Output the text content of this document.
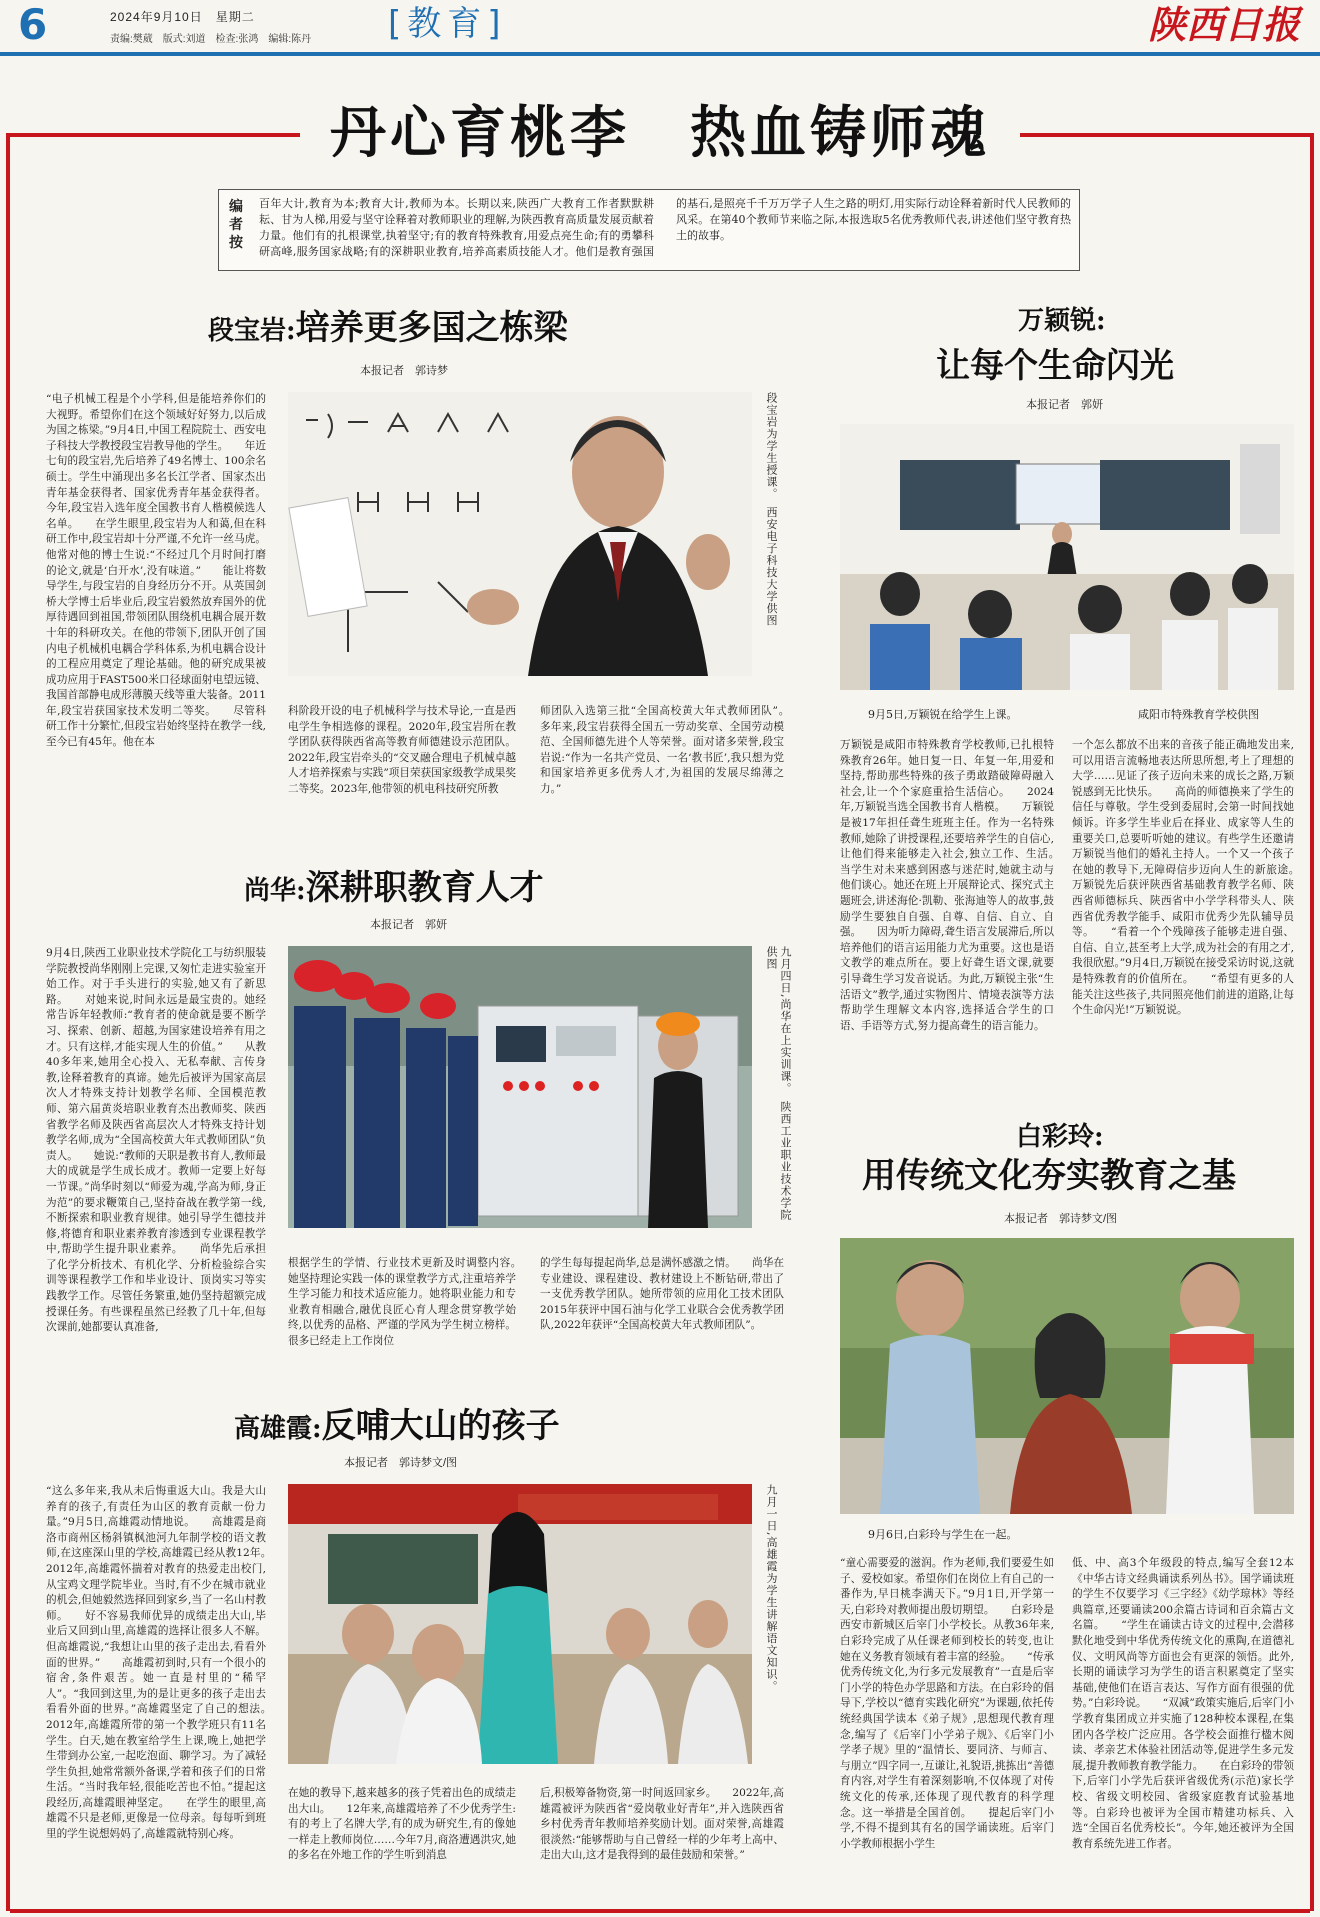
6	2024年9月10日　星期二
责编:樊葳　版式:刘道　检查:张鸿　编辑:陈丹 [教育]	陕西日报
丹心育桃李　热血铸师魂
编者按
百年大计,教育为本;教育大计,教师为本。长期以来,陕西广大教育工作者默默耕耘、甘为人梯,用爱与坚守诠释着对教师职业的理解,为陕西教育高质量发展贡献着力量。他们有的扎根课堂,执着坚守;有的教育特殊教育,用爱点亮生命;有的勇攀科研高峰,服务国家战略;有的深耕职业教育,培养高素质技能人才。他们是教育强国的基石,是照亮千千万万学子人生之路的明灯,用实际行动诠释着新时代人民教师的风采。在第40个教师节来临之际,本报选取5名优秀教师代表,讲述他们坚守教育热土的故事。
段宝岩:培养更多国之栋梁
本报记者　郭诗梦
“电子机械工程是个小学科,但是能培养你们的大视野。希望你们在这个领域好好努力,以后成为国之栋梁。”9月4日,中国工程院院士、西安电子科技大学教授段宝岩教导他的学生。　　年近七旬的段宝岩,先后培养了49名博士、100余名硕士。学生中涌现出多名长江学者、国家杰出青年基金获得者、国家优秀青年基金获得者。今年,段宝岩入选年度全国教书育人楷模候选人名单。　　在学生眼里,段宝岩为人和蔼,但在科研工作中,段宝岩却十分严谨,不允许一丝马虎。他常对他的博士生说:“不经过几个月时间打磨的论文,就是‘白开水’,没有味道。”　　能让将数导学生,与段宝岩的自身经历分不开。从英国剑桥大学博士后毕业后,段宝岩毅然放弃国外的优厚待遇回到祖国,带领团队围绕机电耦合展开数十年的科研攻关。在他的带领下,团队开创了国内电子机械机电耦合学科体系,为机电耦合设计的工程应用奠定了理论基础。他的研究成果被成功应用于FAST500米口径球面射电望远镜、我国首部静电成形薄膜天线等重大装备。2011年,段宝岩获国家技术发明二等奖。　　尽管科研工作十分繁忙,但段宝岩始终坚持在教学一线,至今已有45年。他在本
段宝岩为学生授课。　西安电子科技大学供图
科阶段开设的电子机械科学与技术导论,一直是西电学生争相选修的课程。2020年,段宝岩所在教学团队获得陕西省高等教育师德建设示范团队。2022年,段宝岩牵头的“交叉融合理电子机械卓越人才培养探索与实践”项目荣获国家级教学成果奖二等奖。2023年,他带领的机电科技研究所教
师团队入选第三批“全国高校黄大年式教师团队”。　　多年来,段宝岩获得全国五一劳动奖章、全国劳动模范、全国师德先进个人等荣誉。面对诸多荣誉,段宝岩说:“作为一名共产党员、一名‘教书匠’,我只想为党和国家培养更多优秀人才,为祖国的发展尽绵薄之力。”
尚华:深耕职教育人才
本报记者　郭妍
9月4日,陕西工业职业技术学院化工与纺织服装学院教授尚华刚刚上完课,又匆忙走进实验室开始工作。对于手头进行的实验,她又有了新思路。　　对她来说,时间永远是最宝贵的。她经常告诉年轻教师:“教育者的使命就是要不断学习、探索、创新、超越,为国家建设培养有用之才。只有这样,才能实现人生的价值。”　　从教40多年来,她用全心投入、无私奉献、言传身教,诠释着教育的真谛。她先后被评为国家高层次人才特殊支持计划教学名师、全国模范教师、第六届黄炎培职业教育杰出教师奖、陕西省教学名师及陕西省高层次人才特殊支持计划教学名师,成为“全国高校黄大年式教师团队”负责人。　　她说:“教师的天职是教书育人,教师最大的成就是学生成长成才。教师一定要上好每一节课。”尚华时刻以“师爱为魂,学高为师,身正为范”的要求鞭策自己,坚持奋战在教学第一线,不断探索和职业教育规律。她引导学生德技并修,将德育和职业素养教育渗透到专业课程教学中,帮助学生提升职业素养。　　尚华先后承担了化学分析技术、有机化学、分析检验综合实训等课程教学工作和毕业设计、顶岗实习等实践教学工作。尽管任务繁重,她仍坚持超额完成授课任务。有些课程虽然已经教了几十年,但每次课前,她都要认真准备,
九月四日,尚华在上实训课。　陕西工业职业技术学院供图
根据学生的学情、行业技术更新及时调整内容。　　她坚持理论实践一体的课堂教学方式,注重培养学生学习能力和技术适应能力。她将职业能力和专业教育相融合,融优良匠心育人理念贯穿教学始终,以优秀的品格、严谨的学风为学生树立榜样。很多已经走上工作岗位
的学生每每提起尚华,总是满怀感激之情。　　尚华在专业建设、课程建设、教材建设上不断钻研,带出了一支优秀教学团队。她所带领的应用化工技术团队2015年获评中国石油与化学工业联合会优秀教学团队,2022年获评“全国高校黄大年式教师团队”。
高雄霞:反哺大山的孩子
本报记者　郭诗梦文/图
“这么多年来,我从未后悔重返大山。我是大山养育的孩子,有责任为山区的教育贡献一份力量。”9月5日,高雄霞动情地说。　　高雄霞是商洛市商州区杨斜镇枫池河九年制学校的语文教师,在这座深山里的学校,高雄霞已经从教12年。　　2012年,高雄霞怀揣着对教育的热爱走出校门,从宝鸡文理学院毕业。当时,有不少在城市就业的机会,但她毅然选择回到家乡,当了一名山村教师。　　好不容易我师优异的成绩走出大山,毕业后又回到山里,高雄霞的选择让很多人不解。但高雄霞说,“我想让山里的孩子走出去,看看外面的世界。”　　高雄霞初到时,只有一个很小的宿舍,条件艰苦。她一直是村里的“稀罕人”。“我回到这里,为的是让更多的孩子走出去看看外面的世界。”高雄霞坚定了自己的想法。　　2012年,高雄霞所带的第一个教学班只有11名学生。白天,她在教室给学生上课,晚上,她把学生带到办公室,一起吃泡面、聊学习。为了减轻学生负担,她常常额外备课,学着和孩子们的日常生活。“当时我年轻,很能吃苦也不怕。”提起这段经历,高雄霞眼神坚定。　　在学生的眼里,高雄霞不只是老师,更像是一位母亲。每每听到班里的学生说想妈妈了,高雄霞就特别心疼。
九月一日,高雄霞为学生讲解语文知识。
在她的教导下,越来越多的孩子凭着出色的成绩走出大山。　　12年来,高雄霞培养了不少优秀学生:有的考上了名牌大学,有的成为研究生,有的像她一样走上教师岗位……今年7月,商洛遭遇洪灾,她的多名在外地工作的学生听到消息
后,积极筹备物资,第一时间返回家乡。　　2022年,高雄霞被评为陕西省“爱岗敬业好青年”,并入选陕西省乡村优秀青年教师培养奖励计划。面对荣誉,高雄霞很淡然:“能够帮助与自己曾经一样的少年考上高中、走出大山,这才是我得到的最佳鼓励和荣誉。”
万颖锐:
让每个生命闪光
本报记者　郭妍
9月5日,万颖锐在给学生上课。	咸阳市特殊教育学校供图
万颖锐是咸阳市特殊教育学校教师,已扎根特殊教育26年。她日复一日、年复一年,用爱和坚持,帮助那些特殊的孩子勇敢踏破障碍融入社会,让一个个家庭重拾生活信心。　　2024年,万颖锐当选全国教书育人楷模。　　万颖锐是被17年担任聋生班班主任。作为一名特殊教师,她除了讲授课程,还要培养学生的自信心,让他们得来能够走入社会,独立工作、生活。　　当学生对未来感到困惑与迷茫时,她就主动与他们谈心。她还在班上开展辩论式、探究式主题班会,讲述海伦·凯勒、张海迪等人的故事,鼓励学生要独自自强、自尊、自信、自立、自强。　　因为听力障碍,聋生语言发展滞后,所以培养他们的语言运用能力尤为重要。这也是语文教学的难点所在。要上好聋生语文课,就要引导聋生学习发音说话。为此,万颖锐主张“生活语文”教学,通过实物图片、情境表演等方法帮助学生理解文本内容,选择适合学生的口语、手语等方式,努力提高聋生的语言能力。
一个怎么都放不出来的音孩子能正确地发出来,可以用语言流畅地表达所思所想,考上了理想的大学……见证了孩子迈向未来的成长之路,万颖锐感到无比快乐。　　高尚的师德换来了学生的信任与尊敬。学生受到委屈时,会第一时间找她倾诉。许多学生毕业后在择业、成家等人生的重要关口,总要听听她的建议。有些学生还邀请万颖锐当他们的婚礼主持人。一个又一个孩子在她的教导下,无障碍信步迈向人生的新旅途。　　万颖锐先后获评陕西省基础教育教学名师、陕西省师德标兵、陕西省中小学学科带头人、陕西省优秀教学能手、咸阳市优秀少先队辅导员等。　　“看着一个个残障孩子能够走进自强、自信、自立,甚至考上大学,成为社会的有用之才,我很欣慰。”9月4日,万颖锐在接受采访时说,这就是特殊教育的价值所在。　　“希望有更多的人能关注这些孩子,共同照亮他们前进的道路,让每个生命闪光!”万颖锐说。
白彩玲:
用传统文化夯实教育之基
本报记者　郭诗梦文/图
9月6日,白彩玲与学生在一起。
“童心需要爱的滋润。作为老师,我们要爱生如子、爱校如家。希望你们在岗位上有自己的一番作为,早日桃李满天下。”9月1日,开学第一天,白彩玲对教师提出殷切期望。　　白彩玲是西安市新城区后宰门小学校长。从教36年来,白彩玲完成了从任课老师到校长的转变,也让她在义务教育领域有着丰富的经验。　　“传承优秀传统文化,为行多元发展教育”一直是后宰门小学的特色办学思路和方法。在白彩玲的倡导下,学校以“德育实践化研究”为课题,依托传统经典国学读本《弟子规》,思想现代教育理念,编写了《后宰门小学弟子规》、《后宰门小学孝子规》里的“温情长、要同济、与师言、与朋立”四字同一,互谦让,礼貌语,挑拣出“善德育内容,对学生有着深刻影响,不仅体现了对传统文化的传承,还体现了现代教育的科学理念。这一举措是全国首创。　　提起后宰门小学,不得不提到其有名的国学诵读班。后宰门小学教师根据小学生
低、中、高3个年级段的特点,编写全套12本《中华古诗文经典诵读系列丛书》。国学诵读班的学生不仅要学习《三字经》《幼学琼林》等经典篇章,还要诵读200余篇古诗词和百余篇古文名篇。　　“学生在诵读古诗文的过程中,会潜移默化地受到中华优秀传统文化的熏陶,在道德礼仪、文明风尚等方面也会有更深的领悟。此外,长期的诵读学习为学生的语言积累奠定了坚实基础,使他们在语言表达、写作方面有很强的优势。”白彩玲说。　　“双减”政策实施后,后宰门小学教育集团成立并实施了128种校本课程,在集团内各学校广泛应用。各学校会面推行楹木阅读、孝亲艺术体验社团活动等,促进学生多元发展,提升教师教育教学能力。　　在白彩玲的带领下,后宰门小学先后获评省级优秀(示范)家长学校、省级文明校园、省级家庭教育试验基地等。白彩玲也被评为全国市精建功标兵、入选“全国百名优秀校长”。今年,她还被评为全国教育系统先进工作者。
